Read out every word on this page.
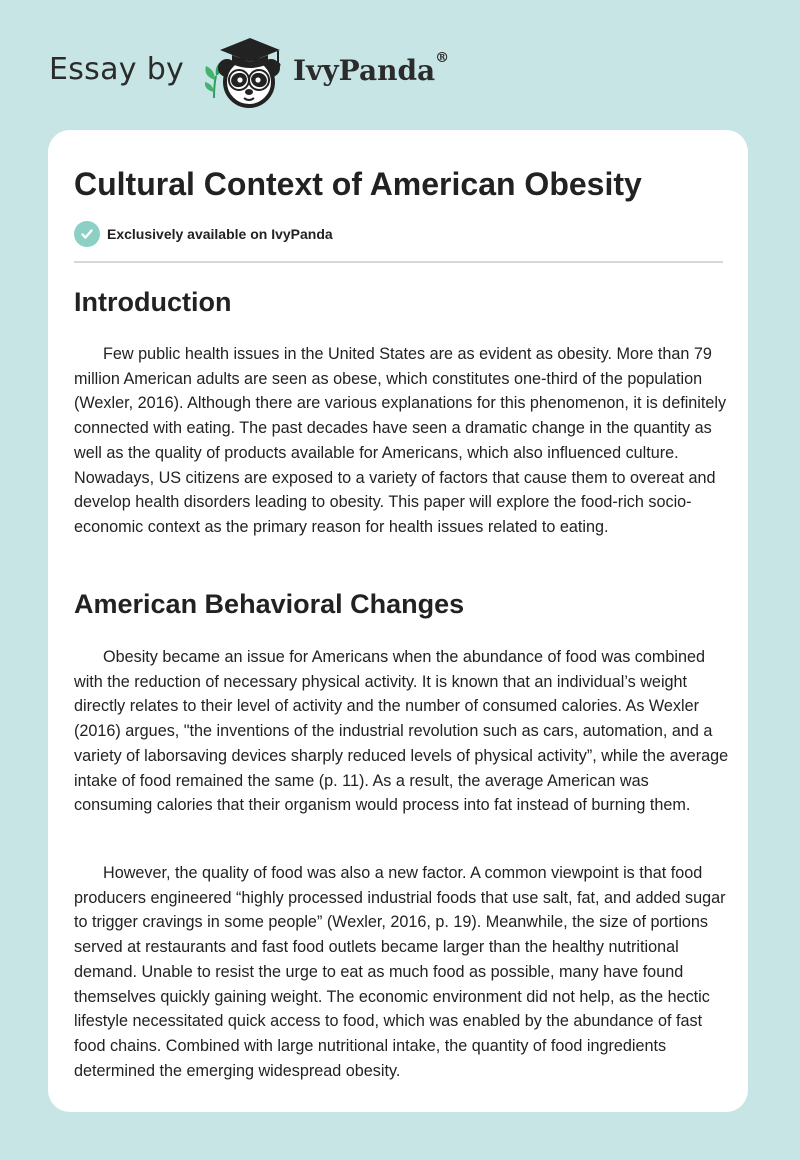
Essay by	IvyPanda®
Cultural Context of American Obesity
Exclusively available on IvyPanda
Introduction

Few public health issues in the United States are as evident as obesity. More than 79 million American adults are seen as obese, which constitutes one-third of the population (Wexler, 2016). Although there are various explanations for this phenomenon, it is definitely connected with eating. The past decades have seen a dramatic change in the quantity as well as the quality of products available for Americans, which also influenced culture. Nowadays, US citizens are exposed to a variety of factors that cause them to overeat and develop health disorders leading to obesity. This paper will explore the food-rich socio-economic context as the primary reason for health issues related to eating.

American Behavioral Changes

Obesity became an issue for Americans when the abundance of food was combined with the reduction of necessary physical activity. It is known that an individual’s weight directly relates to their level of activity and the number of consumed calories. As Wexler (2016) argues, "the inventions of the industrial revolution such as cars, automation, and a variety of laborsaving devices sharply reduced levels of physical activity”, while the average intake of food remained the same (p. 11). As a result, the average American was consuming calories that their organism would process into fat instead of burning them.

However, the quality of food was also a new factor. A common viewpoint is that food producers engineered “highly processed industrial foods that use salt, fat, and added sugar to trigger cravings in some people” (Wexler, 2016, p. 19). Meanwhile, the size of portions served at restaurants and fast food outlets became larger than the healthy nutritional demand. Unable to resist the urge to eat as much food as possible, many have found themselves quickly gaining weight. The economic environment did not help, as the hectic lifestyle necessitated quick access to food, which was enabled by the abundance of fast food chains. Combined with large nutritional intake, the quantity of food ingredients determined the emerging widespread obesity.
